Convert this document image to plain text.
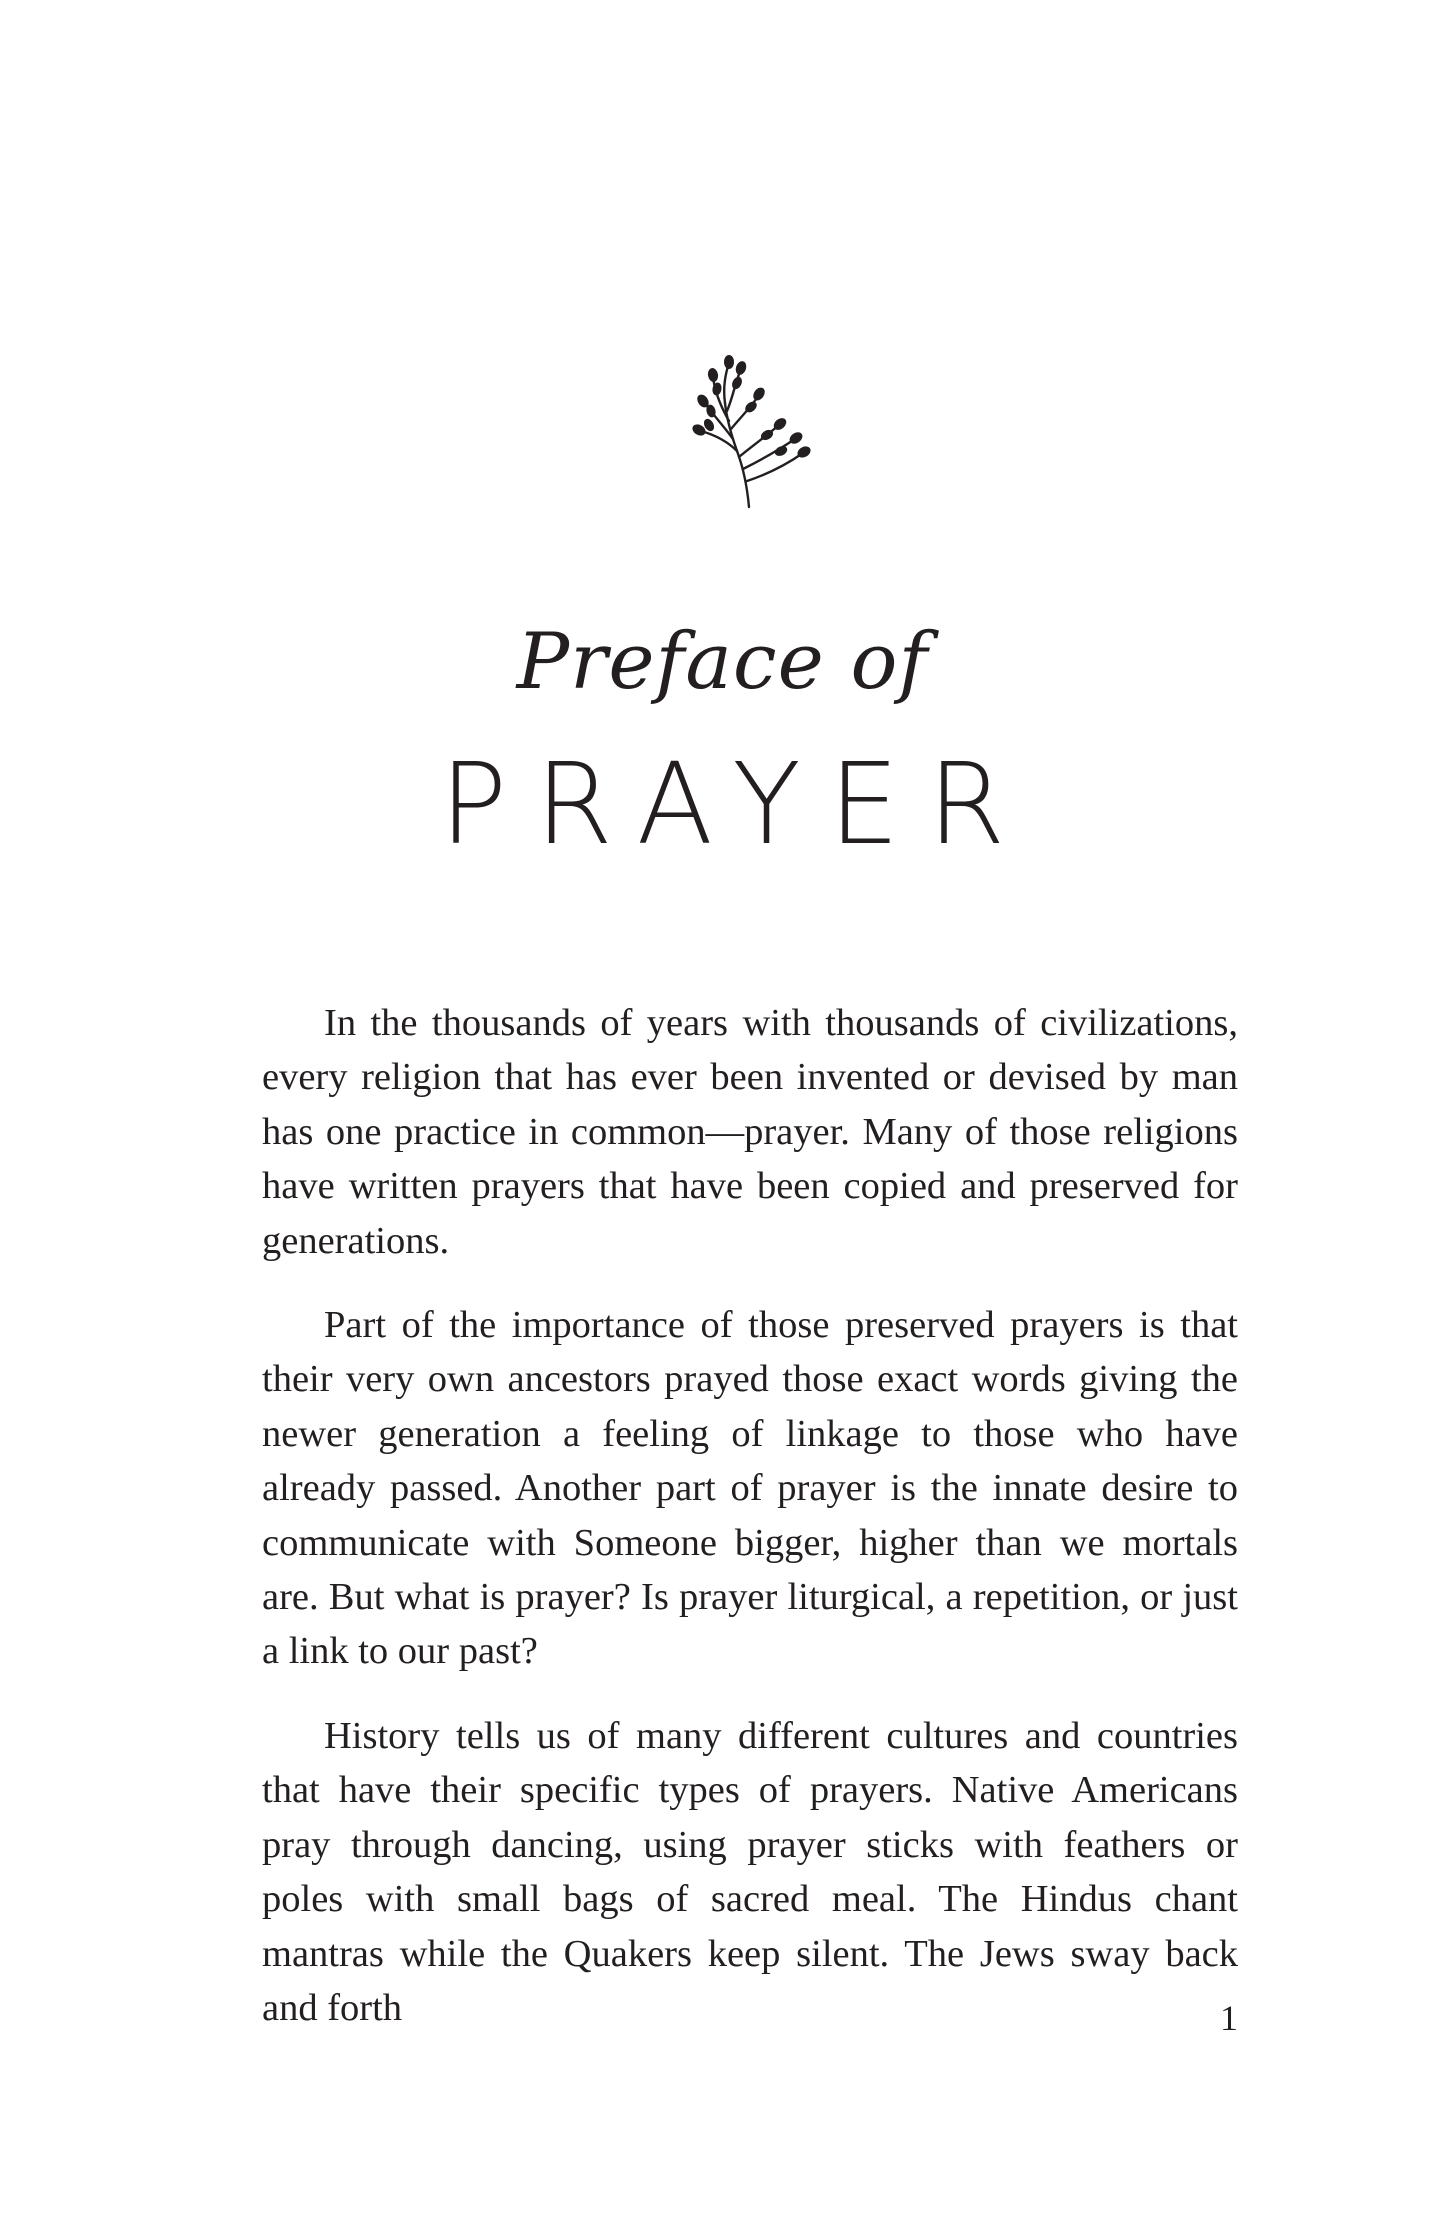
Preface of
PRAYER

In the thousands of years with thousands of civilizations, every religion that has ever been invented or devised by man has one practice in common—prayer. Many of those religions have written prayers that have been copied and preserved for generations.

Part of the importance of those preserved prayers is that their very own ancestors prayed those exact words giving the newer generation a feeling of linkage to those who have already passed. Another part of prayer is the innate desire to communicate with Someone bigger, higher than we mortals are. But what is prayer? Is prayer liturgical, a repetition, or just a link to our past?

History tells us of many different cultures and countries that have their specific types of prayers. Native Americans pray through dancing, using prayer sticks with feathers or poles with small bags of sacred meal. The Hindus chant mantras while the Quakers keep silent. The Jews sway back and forth	1
